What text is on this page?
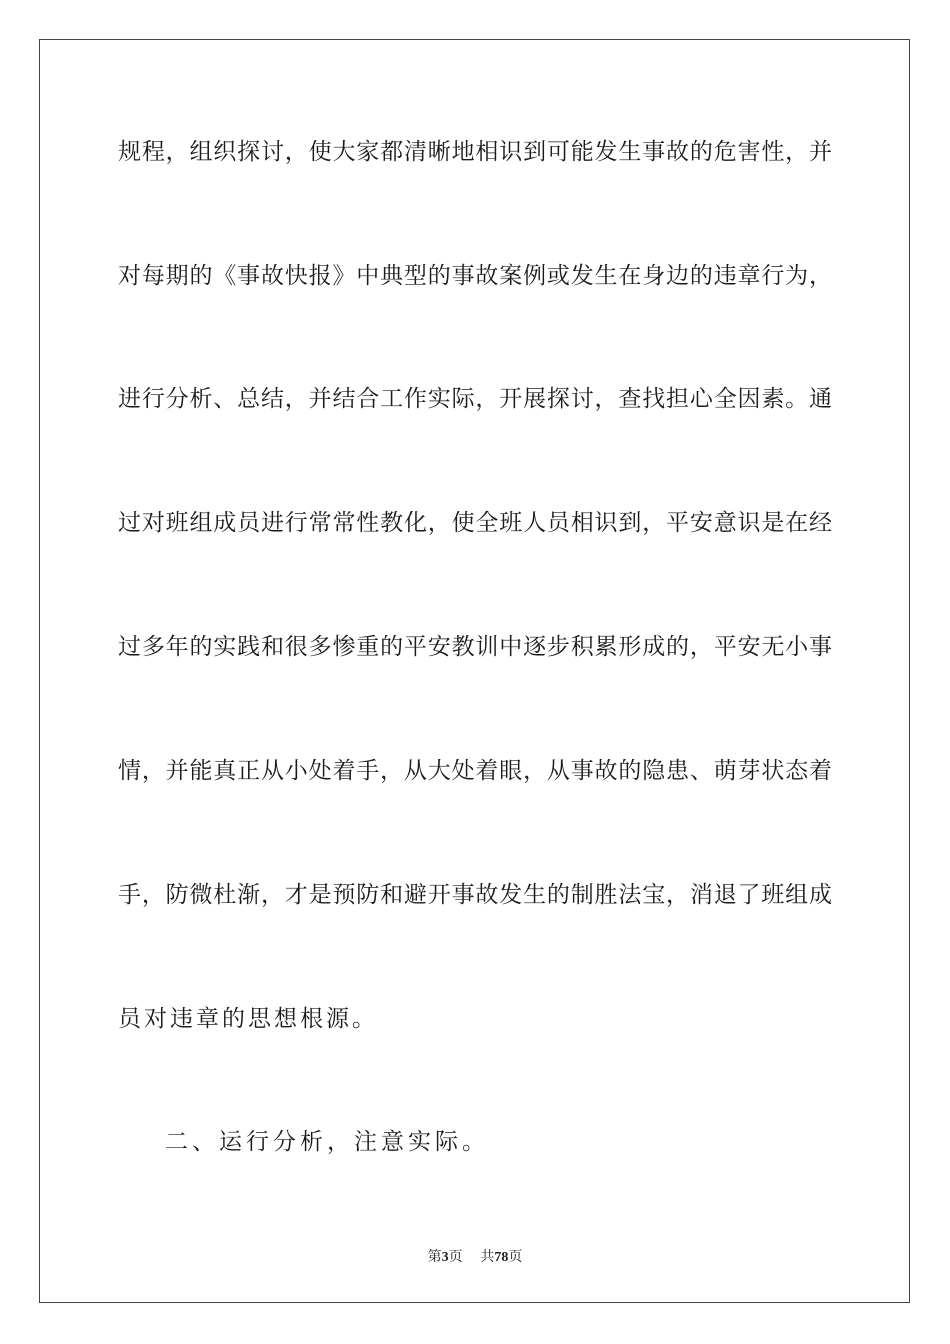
规程，组织探讨，使大家都清晰地相识到可能发生事故的危害性，并
对每期的《事故快报》中典型的事故案例或发生在身边的违章行为，
进行分析、总结，并结合工作实际，开展探讨，查找担心全因素。通
过对班组成员进行常常性教化，使全班人员相识到，平安意识是在经
过多年的实践和很多惨重的平安教训中逐步积累形成的，平安无小事
情，并能真正从小处着手，从大处着眼，从事故的隐患、萌芽状态着
手，防微杜渐，才是预防和避开事故发生的制胜法宝，消退了班组成
员对违章的思想根源。
二、运行分析，注意实际。
第3页 共78页
